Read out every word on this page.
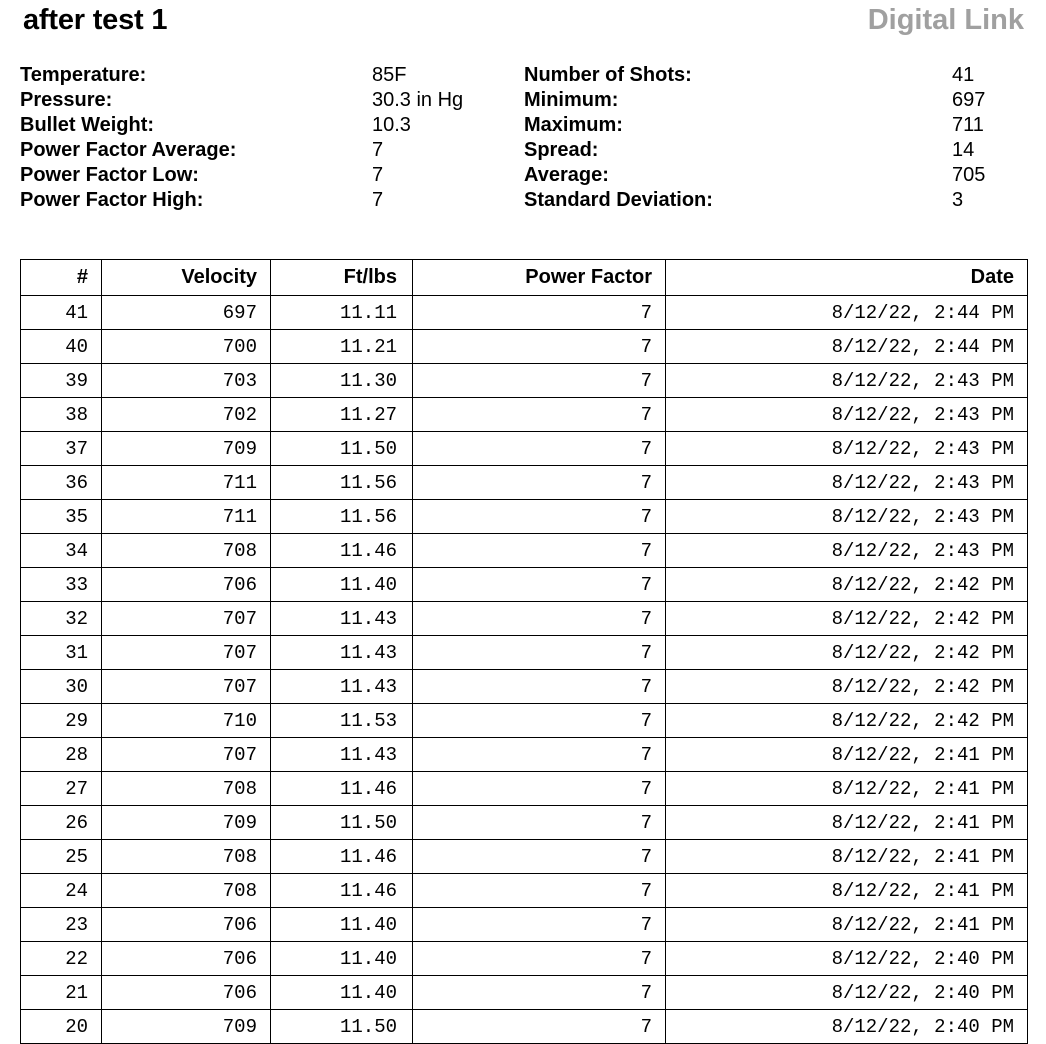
after test 1	Digital Link
Temperature:	85F
Pressure:	30.3 in Hg
Bullet Weight:	10.3
Power Factor Average:	7
Power Factor Low:	7
Power Factor High:	7
Number of Shots:	41
Minimum:	697
Maximum:	711
Spread:	14
Average:	705
Standard Deviation:	3
#	Velocity	Ft/lbs	Power Factor	Date
41	697	11.11	7	8/12/22, 2:44 PM
40	700	11.21	7	8/12/22, 2:44 PM
39	703	11.30	7	8/12/22, 2:43 PM
38	702	11.27	7	8/12/22, 2:43 PM
37	709	11.50	7	8/12/22, 2:43 PM
36	711	11.56	7	8/12/22, 2:43 PM
35	711	11.56	7	8/12/22, 2:43 PM
34	708	11.46	7	8/12/22, 2:43 PM
33	706	11.40	7	8/12/22, 2:42 PM
32	707	11.43	7	8/12/22, 2:42 PM
31	707	11.43	7	8/12/22, 2:42 PM
30	707	11.43	7	8/12/22, 2:42 PM
29	710	11.53	7	8/12/22, 2:42 PM
28	707	11.43	7	8/12/22, 2:41 PM
27	708	11.46	7	8/12/22, 2:41 PM
26	709	11.50	7	8/12/22, 2:41 PM
25	708	11.46	7	8/12/22, 2:41 PM
24	708	11.46	7	8/12/22, 2:41 PM
23	706	11.40	7	8/12/22, 2:41 PM
22	706	11.40	7	8/12/22, 2:40 PM
21	706	11.40	7	8/12/22, 2:40 PM
20	709	11.50	7	8/12/22, 2:40 PM
